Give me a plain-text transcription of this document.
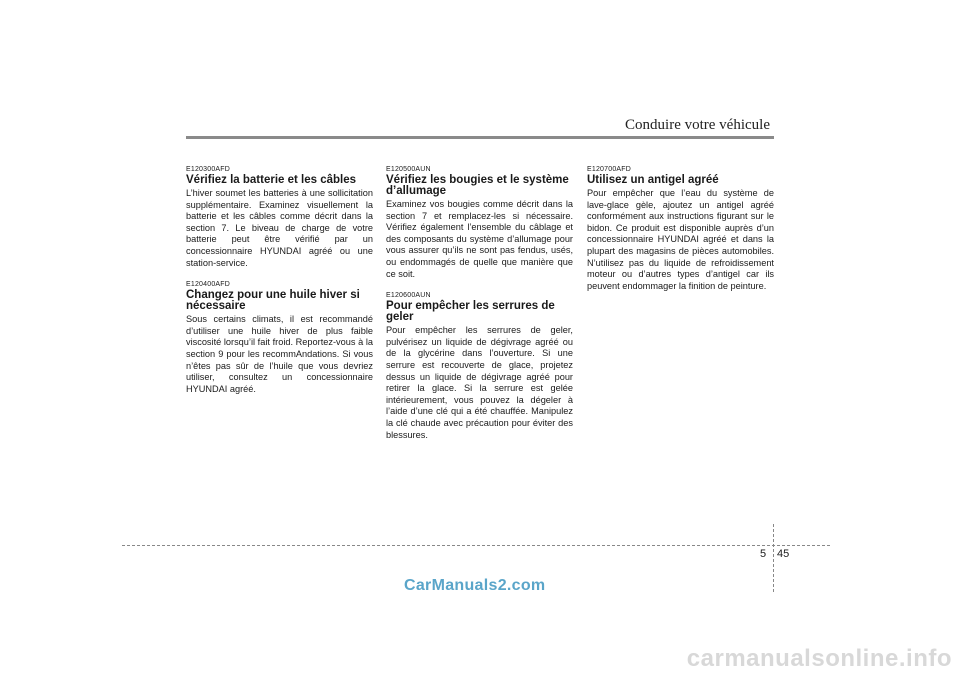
Conduire votre véhicule
E120300AFD
Vérifiez la batterie et les câbles
L’hiver soumet les batteries à une sollicitation supplémentaire. Examinez visuellement la batterie et les câbles comme décrit dans la section 7. Le biveau de charge de votre batterie peut être vérifié par un concessionnaire HYUNDAI agréé ou une station-service.
E120400AFD
Changez pour une huile hiver si nécessaire
Sous certains climats, il est recommandé d’utiliser une huile hiver de plus faible viscosité lorsqu’il fait froid. Reportez-vous à la section 9 pour les recommAndations. Si vous n’êtes pas sûr de l’huile que vous devriez utiliser, consultez un concessionnaire HYUNDAI agréé.
E120500AUN
Vérifiez les bougies et le système d’allumage
Examinez vos bougies comme décrit dans la section 7 et remplacez-les si nécessaire. Vérifiez également l’ensemble du câblage et des composants du système d’allumage pour vous assurer qu’ils ne sont pas fendus, usés, ou endommagés de quelle que manière que ce soit.
E120600AUN
Pour empêcher les serrures de geler
Pour empêcher les serrures de geler, pulvérisez un liquide de dégivrage agréé ou de la glycérine dans l’ouverture. Si une serrure est recouverte de glace, projetez dessus un liquide de dégivrage agréé pour retirer la glace. Si la serrure est gelée intérieurement, vous pouvez la dégeler à l’aide d’une clé qui a été chauffée. Manipulez la clé chaude avec précaution pour éviter des blessures.
E120700AFD
Utilisez un antigel agréé
Pour empêcher que l’eau du système de lave-glace gèle, ajoutez un antigel agréé conformément aux instructions figurant sur le bidon. Ce produit est disponible auprès d’un concessionnaire HYUNDAI agréé et dans la plupart des magasins de pièces automobiles. N’utilisez pas du liquide de refroidissement moteur ou d’autres types d’antigel car ils peuvent endommager la finition de peinture.
5 45
CarManuals2.com
carmanualsonline.info
